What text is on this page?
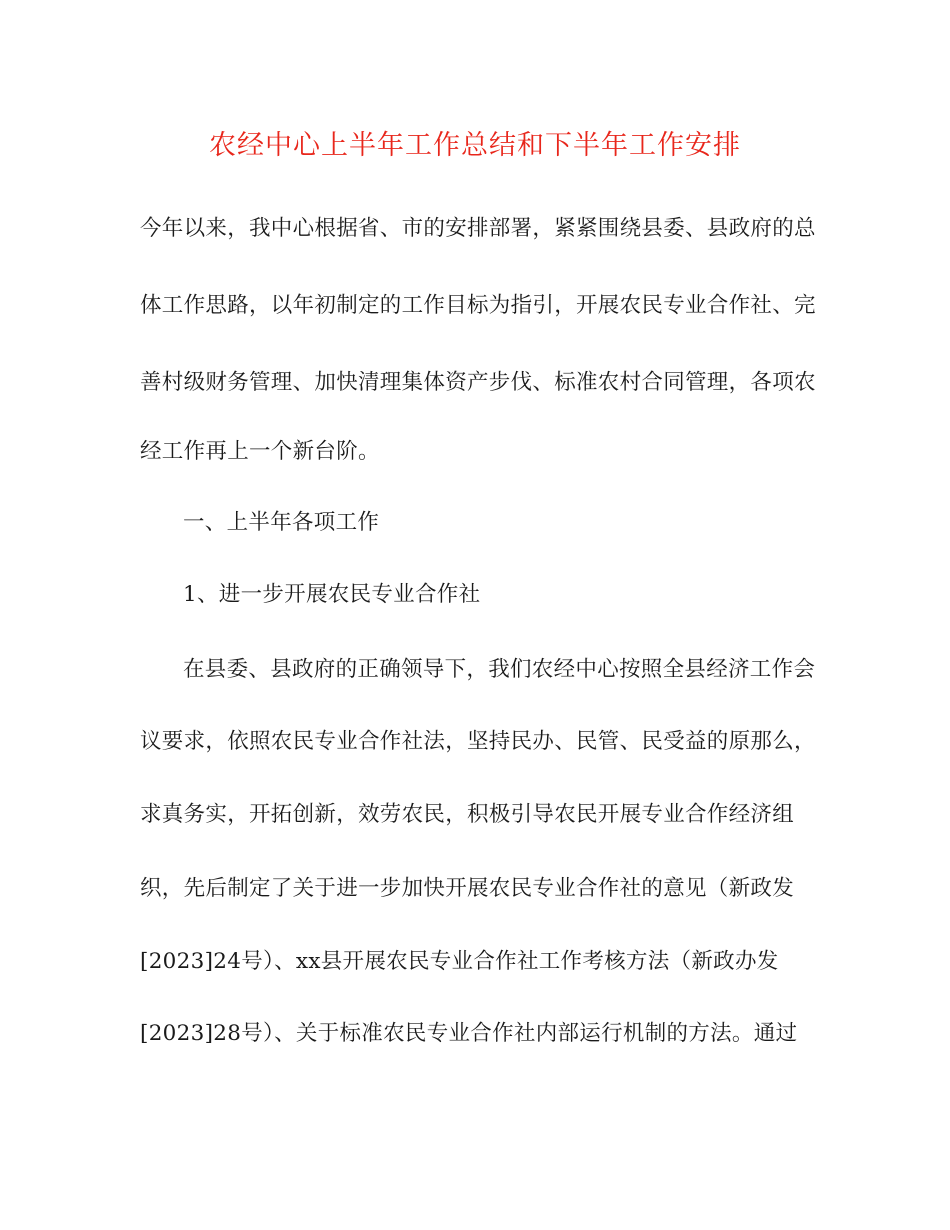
农经中心上半年工作总结和下半年工作安排
今年以来，我中心根据省、市的安排部署，紧紧围绕县委、县政府的总
体工作思路，以年初制定的工作目标为指引，开展农民专业合作社、完
善村级财务管理、加快清理集体资产步伐、标准农村合同管理，各项农
经工作再上一个新台阶。
一、上半年各项工作
1、进一步开展农民专业合作社
在县委、县政府的正确领导下，我们农经中心按照全县经济工作会
议要求，依照农民专业合作社法，坚持民办、民管、民受益的原那么，
求真务实，开拓创新，效劳农民，积极引导农民开展专业合作经济组
织，先后制定了关于进一步加快开展农民专业合作社的意见（新政发
[2023]24号）、xx县开展农民专业合作社工作考核方法（新政办发
[2023]28号）、关于标准农民专业合作社内部运行机制的方法。通过
